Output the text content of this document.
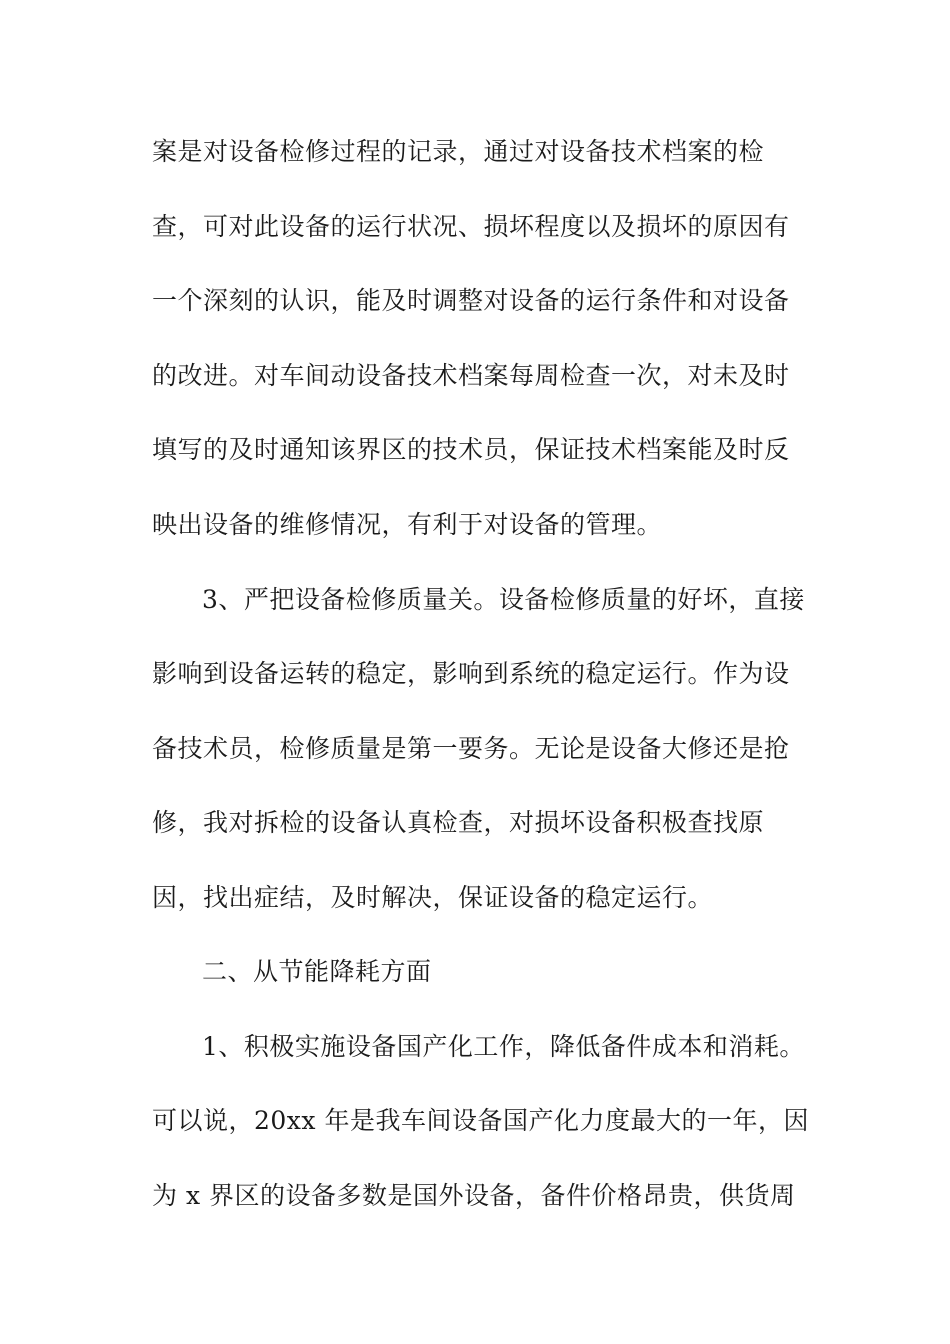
案是对设备检修过程的记录，通过对设备技术档案的检

查，可对此设备的运行状况、损坏程度以及损坏的原因有

一个深刻的认识，能及时调整对设备的运行条件和对设备

的改进。对车间动设备技术档案每周检查一次，对未及时

填写的及时通知该界区的技术员，保证技术档案能及时反

映出设备的维修情况，有利于对设备的管理。

3、严把设备检修质量关。设备检修质量的好坏，直接

影响到设备运转的稳定，影响到系统的稳定运行。作为设

备技术员，检修质量是第一要务。无论是设备大修还是抢

修，我对拆检的设备认真检查，对损坏设备积极查找原

因，找出症结，及时解决，保证设备的稳定运行。

二、从节能降耗方面

1、积极实施设备国产化工作，降低备件成本和消耗。

可以说，20xx 年是我车间设备国产化力度最大的一年，因

为 x 界区的设备多数是国外设备，备件价格昂贵，供货周
